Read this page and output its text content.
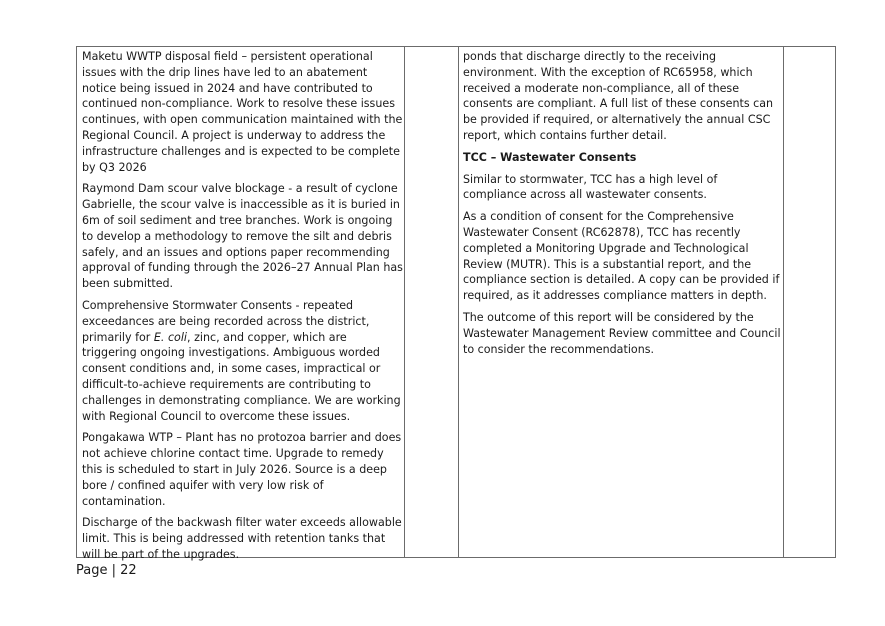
Maketu WWTP disposal field – persistent operational issues with the drip lines have led to an abatement notice being issued in 2024 and have contributed to continued non-compliance. Work to resolve these issues continues, with open communication maintained with the Regional Council. A project is underway to address the infrastructure challenges and is expected to be complete by Q3 2026

Raymond Dam scour valve blockage - a result of cyclone Gabrielle, the scour valve is inaccessible as it is buried in 6m of soil sediment and tree branches. Work is ongoing to develop a methodology to remove the silt and debris safely, and an issues and options paper recommending approval of funding through the 2026–27 Annual Plan has been submitted.

Comprehensive Stormwater Consents - repeated exceedances are being recorded across the district, primarily for E. coli, zinc, and copper, which are triggering ongoing investigations. Ambiguous worded consent conditions and, in some cases, impractical or difficult-to-achieve requirements are contributing to challenges in demonstrating compliance. We are working with Regional Council to overcome these issues.

Pongakawa WTP – Plant has no protozoa barrier and does not achieve chlorine contact time. Upgrade to remedy this is scheduled to start in July 2026. Source is a deep bore / confined aquifer with very low risk of contamination.

Discharge of the backwash filter water exceeds allowable limit. This is being addressed with retention tanks that will be part of the upgrades.

ponds that discharge directly to the receiving environment. With the exception of RC65958, which received a moderate non-compliance, all of these consents are compliant. A full list of these consents can be provided if required, or alternatively the annual CSC report, which contains further detail.

TCC – Wastewater Consents

Similar to stormwater, TCC has a high level of compliance across all wastewater consents.

As a condition of consent for the Comprehensive Wastewater Consent (RC62878), TCC has recently completed a Monitoring Upgrade and Technological Review (MUTR). This is a substantial report, and the compliance section is detailed. A copy can be provided if required, as it addresses compliance matters in depth.

The outcome of this report will be considered by the Wastewater Management Review committee and Council to consider the recommendations.

Page | 22
